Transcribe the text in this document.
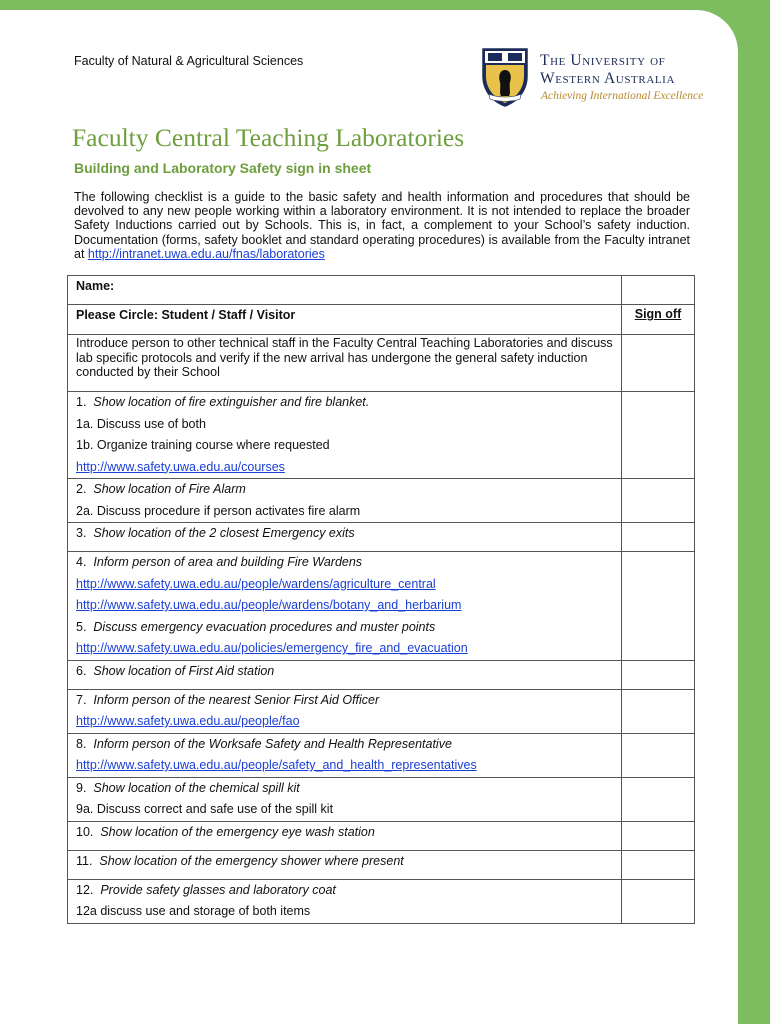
Faculty of Natural & Agricultural Sciences	The University of
Western Australia
Achieving International Excellence
Faculty Central Teaching Laboratories
Building and Laboratory Safety sign in sheet
The following checklist is a guide to the basic safety and health information and procedures that should be devolved to any new people working within a laboratory environment. It is not intended to replace the broader Safety Inductions carried out by Schools. This is, in fact, a complement to your School’s safety induction. Documentation (forms, safety booklet and standard operating procedures) is available from the Faculty intranet at http://intranet.uwa.edu.au/fnas/laboratories
Name:	

Please Circle: Student / Staff / Visitor	Sign off

Introduce person to other technical staff in the Faculty Central Teaching Laboratories and discuss lab specific protocols and verify if the new arrival has undergone the general safety induction conducted by their School	

1. Show location of fire extinguisher and fire blanket.
1a. Discuss use of both
1b. Organize training course where requested
http://www.safety.uwa.edu.au/courses	

2. Show location of Fire Alarm
2a. Discuss procedure if person activates fire alarm	

3. Show location of the 2 closest Emergency exits	

4. Inform person of area and building Fire Wardens
http://www.safety.uwa.edu.au/people/wardens/agriculture_central
http://www.safety.uwa.edu.au/people/wardens/botany_and_herbarium
5. Discuss emergency evacuation procedures and muster points
http://www.safety.uwa.edu.au/policies/emergency_fire_and_evacuation	

6. Show location of First Aid station	

7. Inform person of the nearest Senior First Aid Officer
http://www.safety.uwa.edu.au/people/fao	

8. Inform person of the Worksafe Safety and Health Representative
http://www.safety.uwa.edu.au/people/safety_and_health_representatives	

9. Show location of the chemical spill kit
9a. Discuss correct and safe use of the spill kit	

10. Show location of the emergency eye wash station	

11. Show location of the emergency shower where present	

12. Provide safety glasses and laboratory coat
12a discuss use and storage of both items	
